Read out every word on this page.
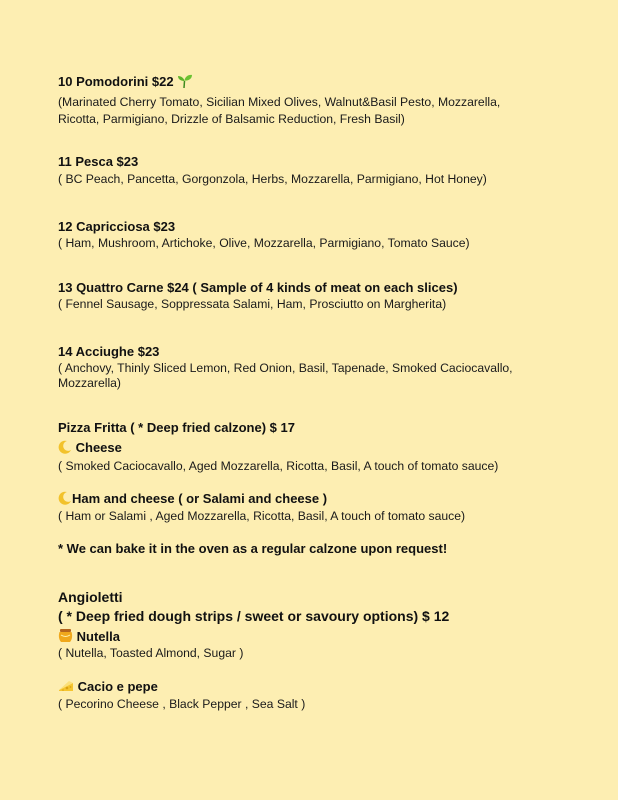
10 Pomodorini $22
(Marinated Cherry Tomato, Sicilian Mixed Olives, Walnut&Basil Pesto, Mozzarella,
Ricotta, Parmigiano, Drizzle of Balsamic Reduction, Fresh Basil)
11 Pesca $23
( BC Peach, Pancetta, Gorgonzola, Herbs, Mozzarella, Parmigiano, Hot Honey)
12 Capricciosa $23
( Ham, Mushroom, Artichoke, Olive, Mozzarella, Parmigiano, Tomato Sauce)
13 Quattro Carne $24 ( Sample of 4 kinds of meat on each slices)
( Fennel Sausage, Soppressata Salami, Ham, Prosciutto on Margherita)
14 Acciughe $23
( Anchovy, Thinly Sliced Lemon, Red Onion, Basil, Tapenade, Smoked Caciocavallo,
Mozzarella)
Pizza Fritta ( * Deep fried calzone) $ 17
Cheese
( Smoked Caciocavallo, Aged Mozzarella, Ricotta, Basil, A touch of tomato sauce)
Ham and cheese ( or Salami and cheese )
( Ham or Salami , Aged Mozzarella, Ricotta, Basil, A touch of tomato sauce)
* We can bake it in the oven as a regular calzone upon request!
Angioletti
( * Deep fried dough strips / sweet or savoury options) $ 12
Nutella
( Nutella, Toasted Almond, Sugar )
Cacio e pepe
( Pecorino Cheese , Black Pepper , Sea Salt )
